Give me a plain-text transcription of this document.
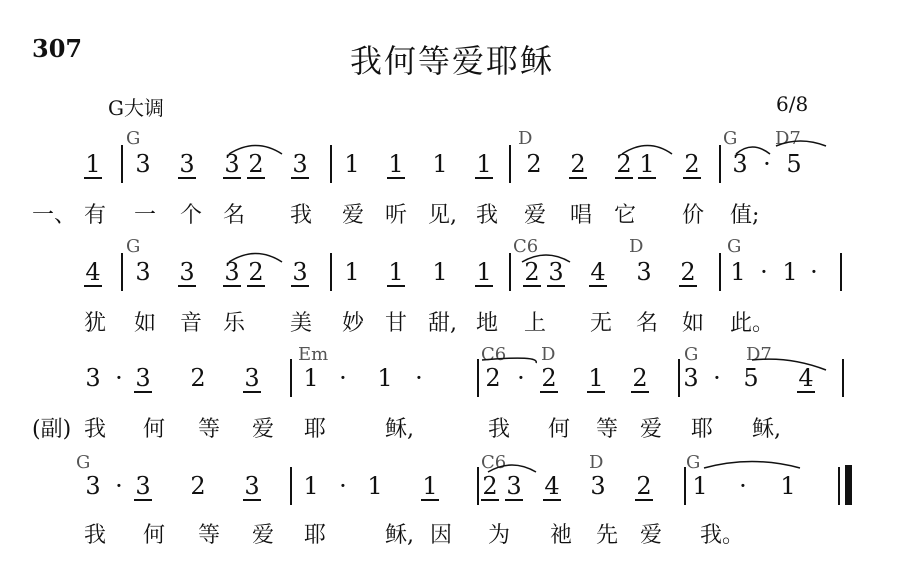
307	我何等爱耶稣
G大调	6/8
G	D	G D7
1 3 3 3 2 3 1 1 1 1 2 2 2 1 2 3 · 5
一、 有 一 个 名 我 爱 听 见, 我 爱 唱 它 价 值;
G	C6	D	G
4 3 3 3 2 3 1 1 1 1 2 3 4 3 2 1 · 1 ·
犹 如 音 乐 美 妙 甘 甜, 地 上 无 名 如 此。
Em	C6 D	G	D7
3 · 3 2 3 1 · 1 ·	2 · 2 1 2 3 · 5 4
(副) 我 何 等 爱 耶	稣,	我 何 等 爱 耶 稣,
G	C6	D	G
3 · 3 2 3 1 · 1 1 2 3 4 3 2 1 · 1
我 何 等 爱 耶	稣, 因 为 祂 先 爱 我。
